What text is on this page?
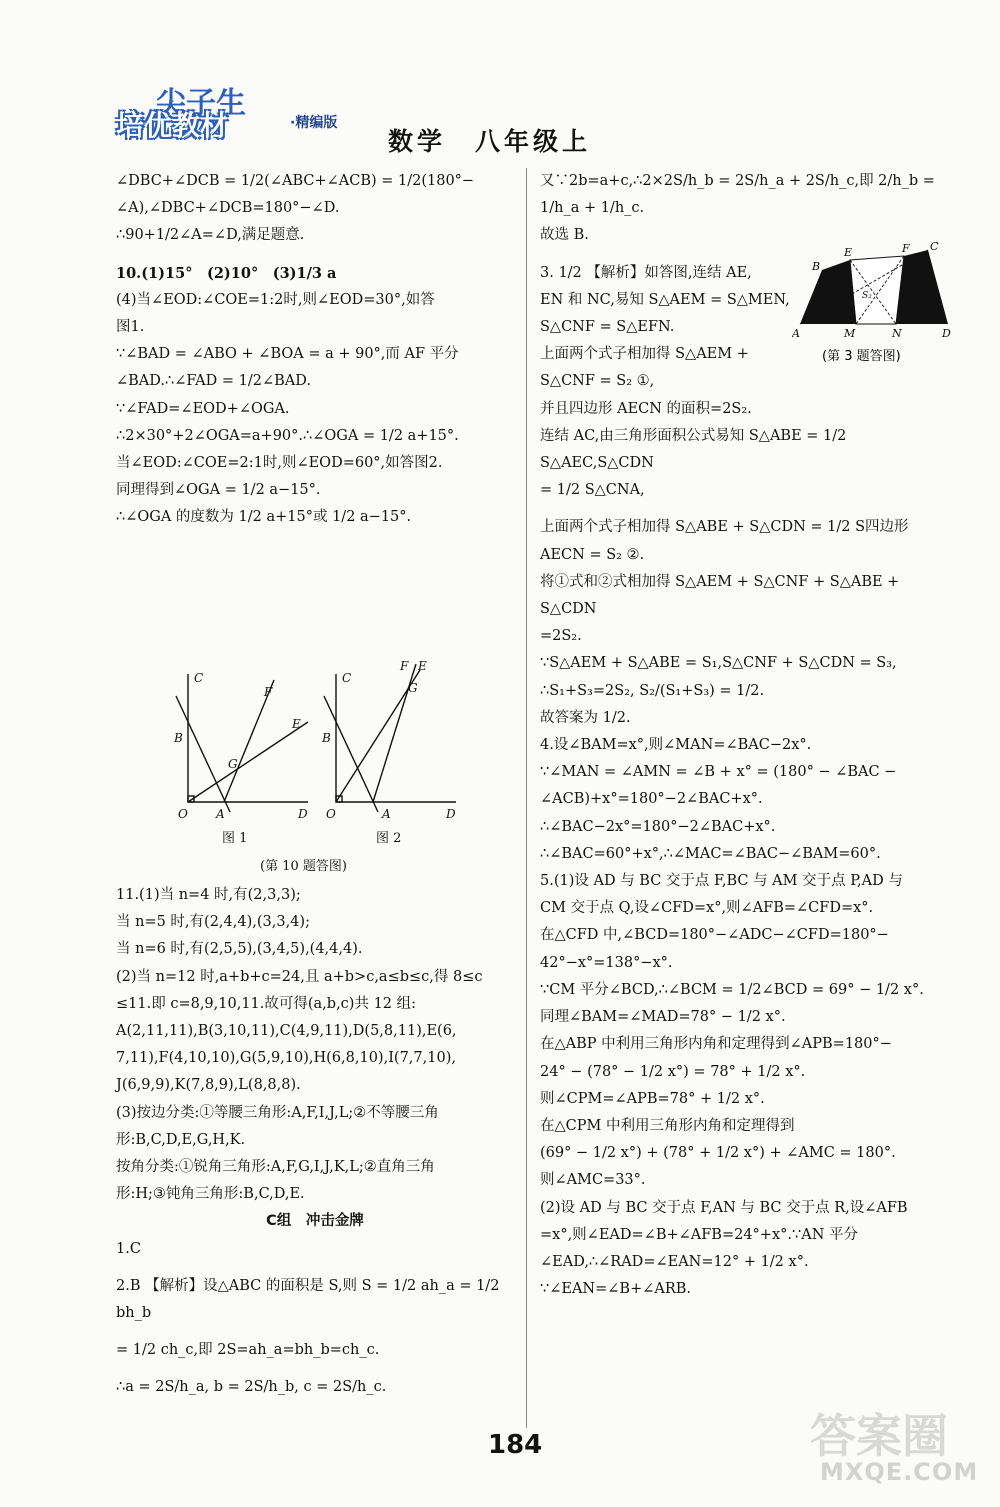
尖子生
培优教材	·精编版
数学　八年级上

∠DBC+∠DCB = 1/2(∠ABC+∠ACB) = 1/2(180°−

∠A),∠DBC+∠DCB=180°−∠D.

∴90+1/2∠A=∠D,满足题意.

10.(1)15°　(2)10°　(3)1/3 a

(4)当∠EOD:∠COE=1:2时,则∠EOD=30°,如答

图1.

∵∠BAD = ∠ABO + ∠BOA = a + 90°,而 AF 平分

∠BAD.∴∠FAD = 1/2∠BAD.

∵∠FAD=∠EOD+∠OGA.

∴2×30°+2∠OGA=a+90°.∴∠OGA = 1/2 a+15°.

当∠EOD:∠COE=2:1时,则∠EOD=60°,如答图2.

同理得到∠OGA = 1/2 a−15°.

∴∠OGA 的度数为 1/2 a+15°或 1/2 a−15°.

C
B
O A	D
F
E
G
C
B
O	A	D
F E
G
图 1	图 2
(第 10 题答图)

11.(1)当 n=4 时,有(2,3,3);

当 n=5 时,有(2,4,4),(3,3,4);

当 n=6 时,有(2,5,5),(3,4,5),(4,4,4).

(2)当 n=12 时,a+b+c=24,且 a+b>c,a≤b≤c,得 8≤c

≤11.即 c=8,9,10,11.故可得(a,b,c)共 12 组:

A(2,11,11),B(3,10,11),C(4,9,11),D(5,8,11),E(6,

7,11),F(4,10,10),G(5,9,10),H(6,8,10),I(7,7,10),

J(6,9,9),K(7,8,9),L(8,8,8).

(3)按边分类:①等腰三角形:A,F,I,J,L;②不等腰三角

形:B,C,D,E,G,H,K.

按角分类:①锐角三角形:A,F,G,I,J,K,L;②直角三角

形:H;③钝角三角形:B,C,D,E.

C组　冲击金牌

1.C

2.B 【解析】设△ABC 的面积是 S,则 S = 1/2 ah_a = 1/2 bh_b

= 1/2 ch_c,即 2S=ah_a=bh_b=ch_c.

∴a = 2S/h_a, b = 2S/h_b, c = 2S/h_c.

又∵2b=a+c,∴2×2S/h_b = 2S/h_a + 2S/h_c,即 2/h_b = 1/h_a + 1/h_c.

故选 B.

3. 1/2 【解析】如答图,连结 AE,

EN 和 NC,易知 S△AEM = S△MEN,

S△CNF = S△EFN.

上面两个式子相加得 S△AEM +

S△CNF = S₂ ①,

并且四边形 AECN 的面积=2S₂.

连结 AC,由三角形面积公式易知 S△ABE = 1/2 S△AEC,S△CDN

= 1/2 S△CNA,

上面两个式子相加得 S△ABE + S△CDN = 1/2 S四边形AECN = S₂ ②.

将①式和②式相加得 S△AEM + S△CNF + S△ABE + S△CDN

=2S₂.

∵S△AEM + S△ABE = S₁,S△CNF + S△CDN = S₃,

∴S₁+S₃=2S₂, S₂/(S₁+S₃) = 1/2.

故答案为 1/2.

4.设∠BAM=x°,则∠MAN=∠BAC−2x°.

∵∠MAN = ∠AMN = ∠B + x° = (180° − ∠BAC −

∠ACB)+x°=180°−2∠BAC+x°.

∴∠BAC−2x°=180°−2∠BAC+x°.

∴∠BAC=60°+x°,∴∠MAC=∠BAC−∠BAM=60°.

5.(1)设 AD 与 BC 交于点 F,BC 与 AM 交于点 P,AD 与

CM 交于点 Q,设∠CFD=x°,则∠AFB=∠CFD=x°.

在△CFD 中,∠BCD=180°−∠ADC−∠CFD=180°−

42°−x°=138°−x°.

∵CM 平分∠BCD,∴∠BCM = 1/2∠BCD = 69° − 1/2 x°.

同理∠BAM=∠MAD=78° − 1/2 x°.

在△ABP 中利用三角形内角和定理得到∠APB=180°−

24° − (78° − 1/2 x°) = 78° + 1/2 x°.

则∠CPM=∠APB=78° + 1/2 x°.

在△CPM 中利用三角形内角和定理得到

(69° − 1/2 x°) + (78° + 1/2 x°) + ∠AMC = 180°.

则∠AMC=33°.

(2)设 AD 与 BC 交于点 F,AN 与 BC 交于点 R,设∠AFB

=x°,则∠EAD=∠B+∠AFB=24°+x°.∵AN 平分

∠EAD,∴∠RAD=∠EAN=12° + 1/2 x°.

∵∠EAN=∠B+∠ARB.

B
E	F C
A	M	N	D
S₂
(第 3 题答图)
184	答案圈
MXQE.COM
